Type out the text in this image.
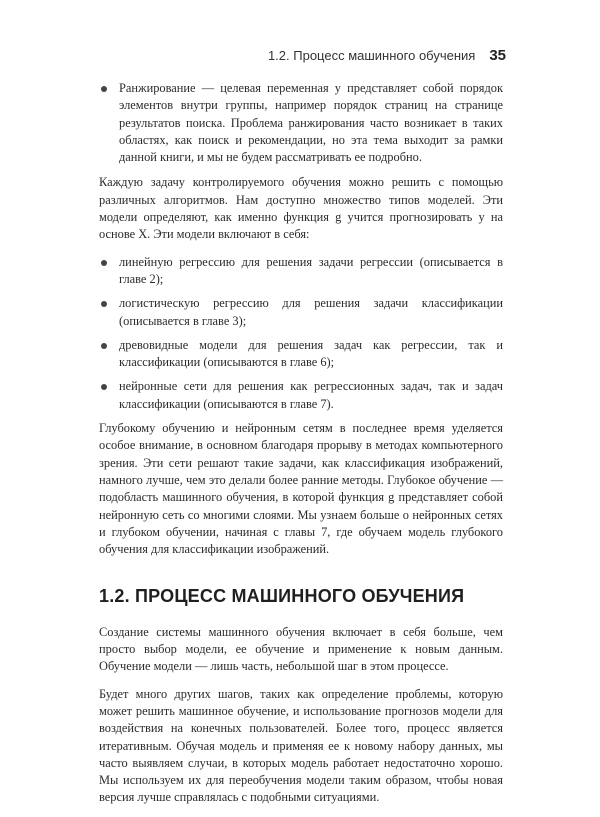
1.2. Процесс машинного обучения 35
Ранжирование — целевая переменная y представляет собой порядок элементов внутри группы, например порядок страниц на странице результатов поиска. Проблема ранжирования часто возникает в таких областях, как поиск и рекомендации, но эта тема выходит за рамки данной книги, и мы не будем рассматривать ее подробно.

Каждую задачу контролируемого обучения можно решить с помощью различных алгоритмов. Нам доступно множество типов моделей. Эти модели определяют, как именно функция g учится прогнозировать y на основе X. Эти модели включают в себя:

линейную регрессию для решения задачи регрессии (описывается в главе 2);
логистическую регрессию для решения задачи классификации (описывается в главе 3);
древовидные модели для решения задач как регрессии, так и классификации (описываются в главе 6);
нейронные сети для решения как регрессионных задач, так и задач классификации (описываются в главе 7).

Глубокому обучению и нейронным сетям в последнее время уделяется особое внимание, в основном благодаря прорыву в методах компьютерного зрения. Эти сети решают такие задачи, как классификация изображений, намного лучше, чем это делали более ранние методы. Глубокое обучение — подобласть машинного обучения, в которой функция g представляет собой нейронную сеть со многими слоями. Мы узнаем больше о нейронных сетях и глубоком обучении, начиная с главы 7, где обучаем модель глубокого обучения для классификации изображений.

1.2. ПРОЦЕСС МАШИННОГО ОБУЧЕНИЯ

Создание системы машинного обучения включает в себя больше, чем просто выбор модели, ее обучение и применение к новым данным. Обучение модели — лишь часть, небольшой шаг в этом процессе.

Будет много других шагов, таких как определение проблемы, которую может решить машинное обучение, и использование прогнозов модели для воздействия на конечных пользователей. Более того, процесс является итеративным. Обучая модель и применяя ее к новому набору данных, мы часто выявляем случаи, в которых модель работает недостаточно хорошо. Мы используем их для переобучения модели таким образом, чтобы новая версия лучше справлялась с подобными ситуациями.
